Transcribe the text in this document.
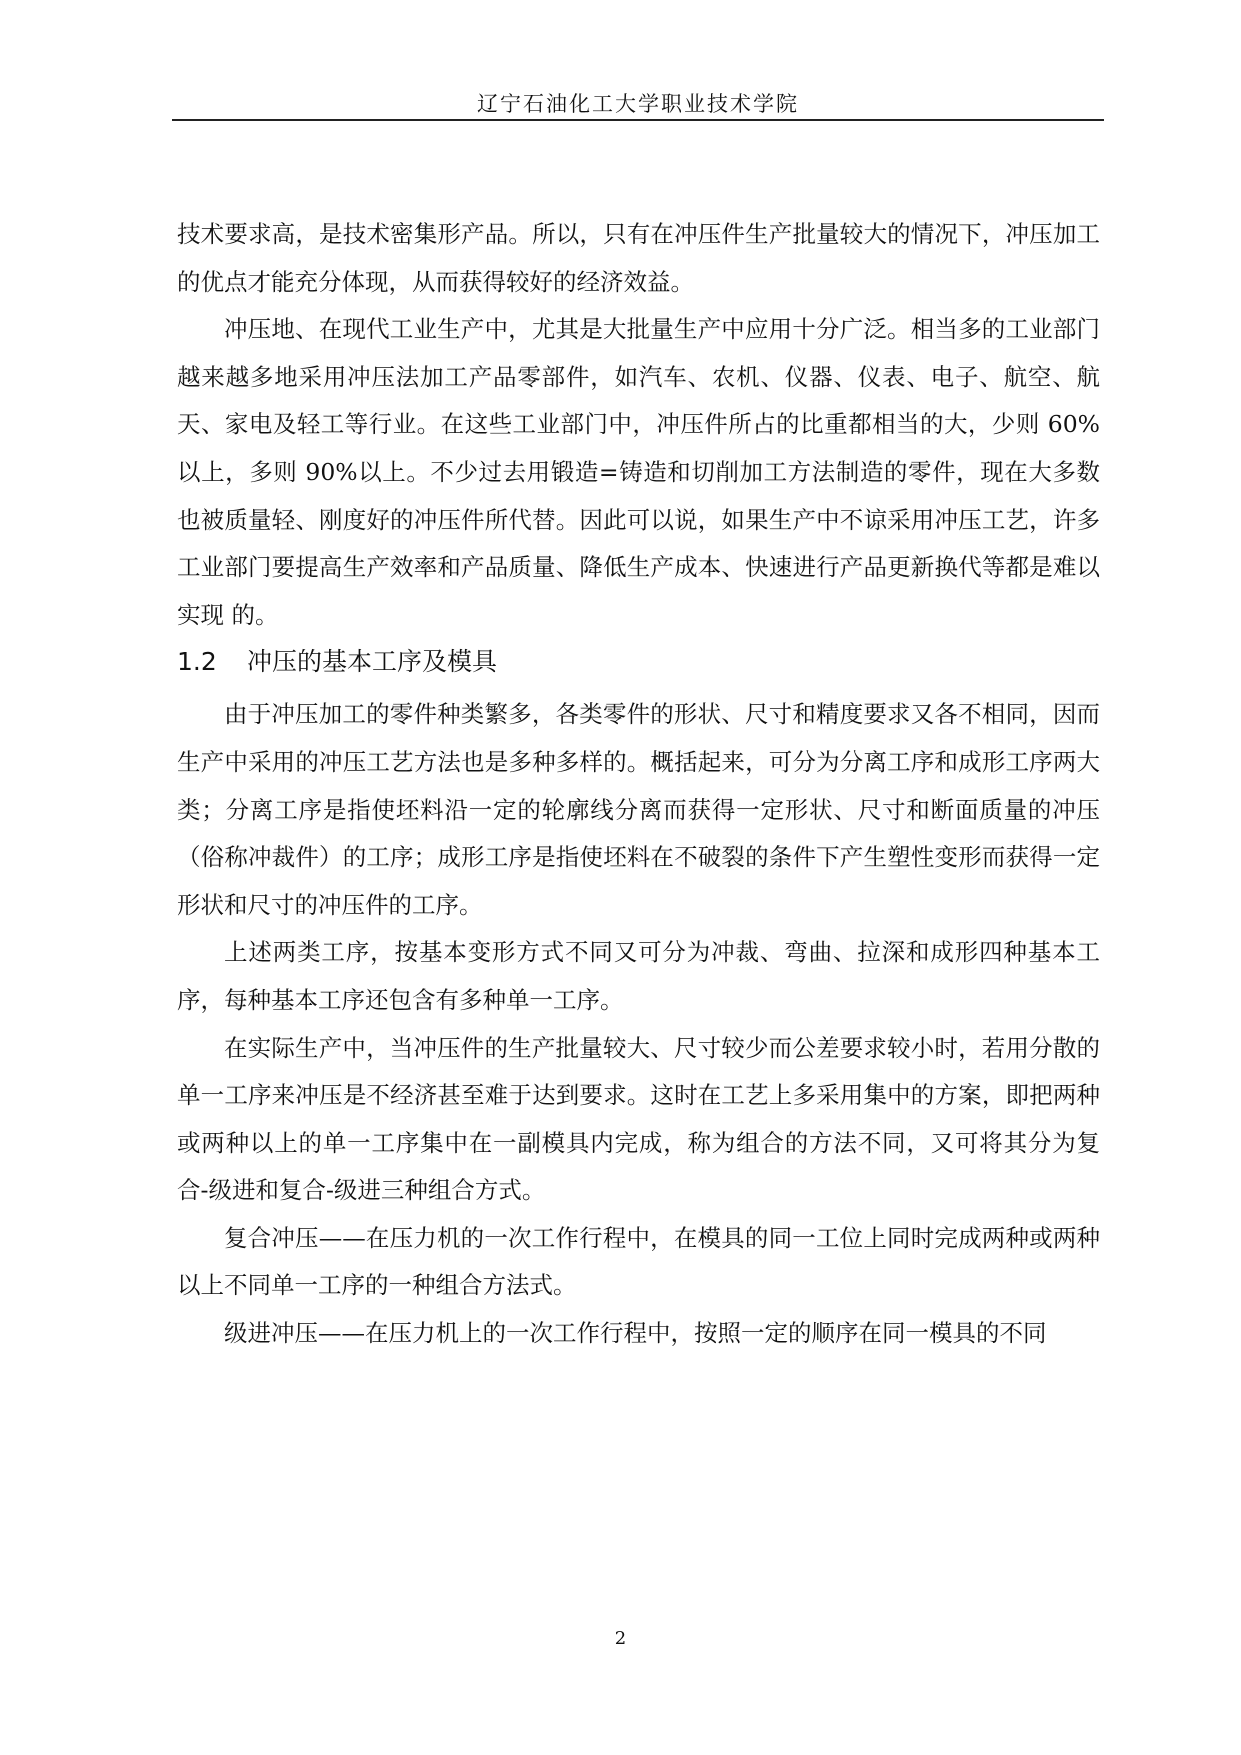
辽宁石油化工大学职业技术学院

技术要求高，是技术密集形产品。所以，只有在冲压件生产批量较大的情况下，冲压加工的优点才能充分体现，从而获得较好的经济效益。

冲压地、在现代工业生产中，尤其是大批量生产中应用十分广泛。相当多的工业部门越来越多地采用冲压法加工产品零部件，如汽车、农机、仪器、仪表、电子、航空、航天、家电及轻工等行业。在这些工业部门中，冲压件所占的比重都相当的大，少则 60%以上，多则 90%以上。不少过去用锻造=铸造和切削加工方法制造的零件，现在大多数也被质量轻、刚度好的冲压件所代替。因此可以说，如果生产中不谅采用冲压工艺，许多工业部门要提高生产效率和产品质量、降低生产成本、快速进行产品更新换代等都是难以实现 的。

1.2 冲压的基本工序及模具

由于冲压加工的零件种类繁多，各类零件的形状、尺寸和精度要求又各不相同，因而生产中采用的冲压工艺方法也是多种多样的。概括起来，可分为分离工序和成形工序两大类；分离工序是指使坯料沿一定的轮廓线分离而获得一定形状、尺寸和断面质量的冲压（俗称冲裁件）的工序；成形工序是指使坯料在不破裂的条件下产生塑性变形而获得一定形状和尺寸的冲压件的工序。

上述两类工序，按基本变形方式不同又可分为冲裁、弯曲、拉深和成形四种基本工序，每种基本工序还包含有多种单一工序。

在实际生产中，当冲压件的生产批量较大、尺寸较少而公差要求较小时，若用分散的单一工序来冲压是不经济甚至难于达到要求。这时在工艺上多采用集中的方案，即把两种或两种以上的单一工序集中在一副模具内完成，称为组合的方法不同，又可将其分为复合-级进和复合-级进三种组合方式。

复合冲压——在压力机的一次工作行程中，在模具的同一工位上同时完成两种或两种以上不同单一工序的一种组合方法式。

级进冲压——在压力机上的一次工作行程中，按照一定的顺序在同一模具的不同

2
